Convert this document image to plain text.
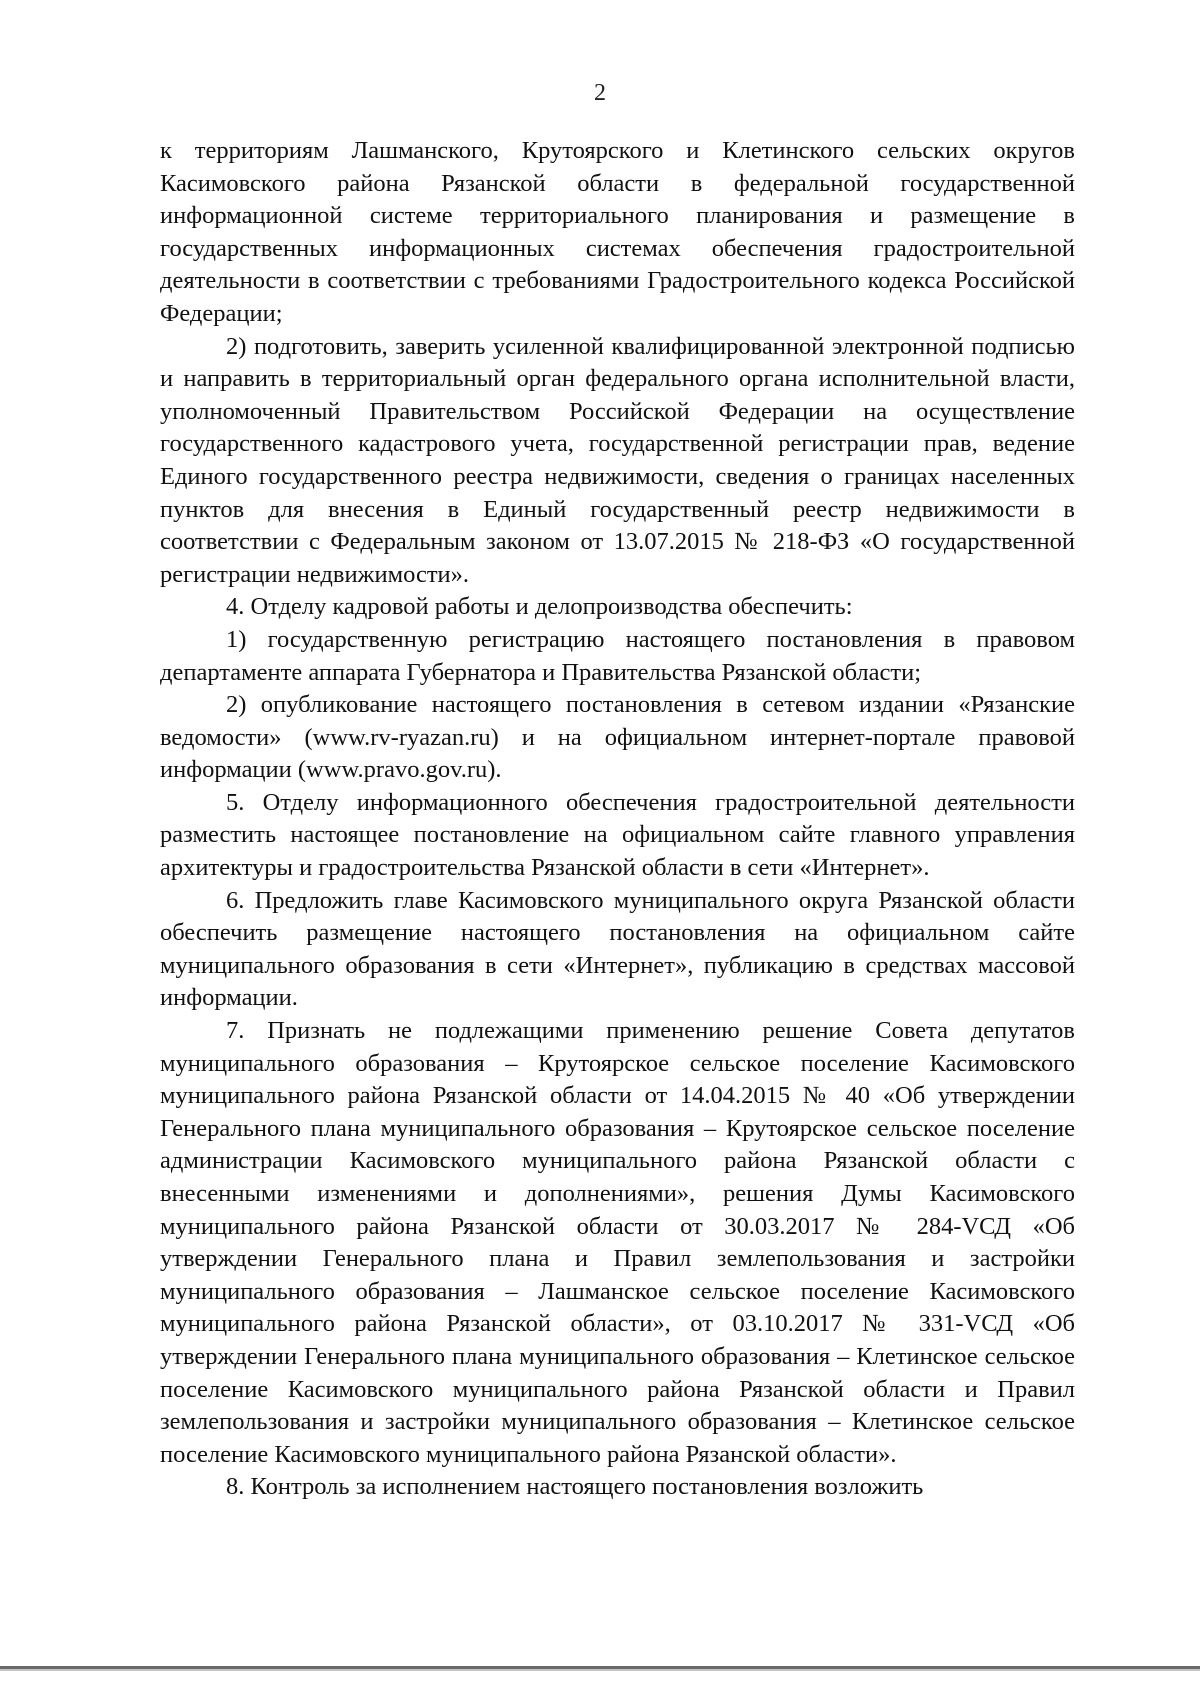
2

к территориям Лашманского, Крутоярского и Клетинского сельских округов Касимовского района Рязанской области в федеральной государственной информационной системе территориального планирования и размещение в государственных информационных системах обеспечения градостроительной деятельности в соответствии с требованиями Градостроительного кодекса Российской Федерации;

2) подготовить, заверить усиленной квалифицированной электронной подписью и направить в территориальный орган федерального органа исполнительной власти, уполномоченный Правительством Российской Федерации на осуществление государственного кадастрового учета, государственной регистрации прав, ведение Единого государственного реестра недвижимости, сведения о границах населенных пунктов для внесения в Единый государственный реестр недвижимости в соответствии с Федеральным законом от 13.07.2015 № 218-ФЗ «О государственной регистрации недвижимости».

4. Отделу кадровой работы и делопроизводства обеспечить:

1) государственную регистрацию настоящего постановления в правовом департаменте аппарата Губернатора и Правительства Рязанской области;

2) опубликование настоящего постановления в сетевом издании «Рязанские ведомости» (www.rv-ryazan.ru) и на официальном интернет-портале правовой информации (www.pravo.gov.ru).

5. Отделу информационного обеспечения градостроительной деятельности разместить настоящее постановление на официальном сайте главного управления архитектуры и градостроительства Рязанской области в сети «Интернет».

6. Предложить главе Касимовского муниципального округа Рязанской области обеспечить размещение настоящего постановления на официальном сайте муниципального образования в сети «Интернет», публикацию в средствах массовой информации.

7. Признать не подлежащими применению решение Совета депутатов муниципального образования – Крутоярское сельское поселение Касимовского муниципального района Рязанской области от 14.04.2015 № 40 «Об утверждении Генерального плана муниципального образования – Крутоярское сельское поселение администрации Касимовского муниципального района Рязанской области с внесенными изменениями и дополнениями», решения Думы Касимовского муниципального района Рязанской области от 30.03.2017 № 284-VСД «Об утверждении Генерального плана и Правил землепользования и застройки муниципального образования – Лашманское сельское поселение Касимовского муниципального района Рязанской области», от 03.10.2017 № 331-VСД «Об утверждении Генерального плана муниципального образования – Клетинское сельское поселение Касимовского муниципального района Рязанской области и Правил землепользования и застройки муниципального образования – Клетинское сельское поселение Касимовского муниципального района Рязанской области».

8. Контроль за исполнением настоящего постановления возложить
